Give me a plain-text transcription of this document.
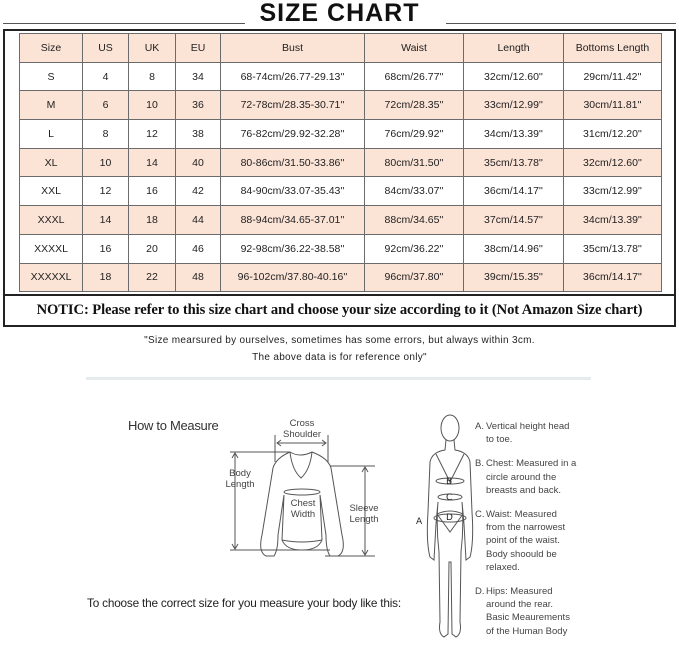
SIZE CHART
Size	US	UK	EU	Bust	Waist	Length	Bottoms Length
S	4	8	34	68-74cm/26.77-29.13''	68cm/26.77''	32cm/12.60''	29cm/11.42''
M	6	10	36	72-78cm/28.35-30.71''	72cm/28.35''	33cm/12.99''	30cm/11.81''
L	8	12	38	76-82cm/29.92-32.28''	76cm/29.92''	34cm/13.39''	31cm/12.20''
XL	10	14	40	80-86cm/31.50-33.86''	80cm/31.50''	35cm/13.78''	32cm/12.60''
XXL	12	16	42	84-90cm/33.07-35.43''	84cm/33.07''	36cm/14.17''	33cm/12.99''
XXXL	14	18	44	88-94cm/34.65-37.01''	88cm/34.65''	37cm/14.57''	34cm/13.39''
XXXXL	16	20	46	92-98cm/36.22-38.58''	92cm/36.22''	38cm/14.96''	35cm/13.78''
XXXXXL	18	22	48	96-102cm/37.80-40.16''	96cm/37.80''	39cm/15.35''	36cm/14.17''
NOTIC: Please refer to this size chart and choose your size according to it (Not Amazon Size chart)
"Size mearsured by ourselves, sometimes has some errors, but always within 3cm.
The above data is for reference only"
How to Measure	Cross
Shoulder
Body
Length
Chest
Width
Sleeve
Length
B
C
D
A
A. Vertical height head to toe.
B. Chest: Measured in a circle around the breasts and back.
C. Waist: Measured from the narrowest point of the waist. Body shoould be relaxed.
D. Hips: Measured around the rear. Basic Meaurements of the Human Body
To choose the correct size for you measure your body like this:
